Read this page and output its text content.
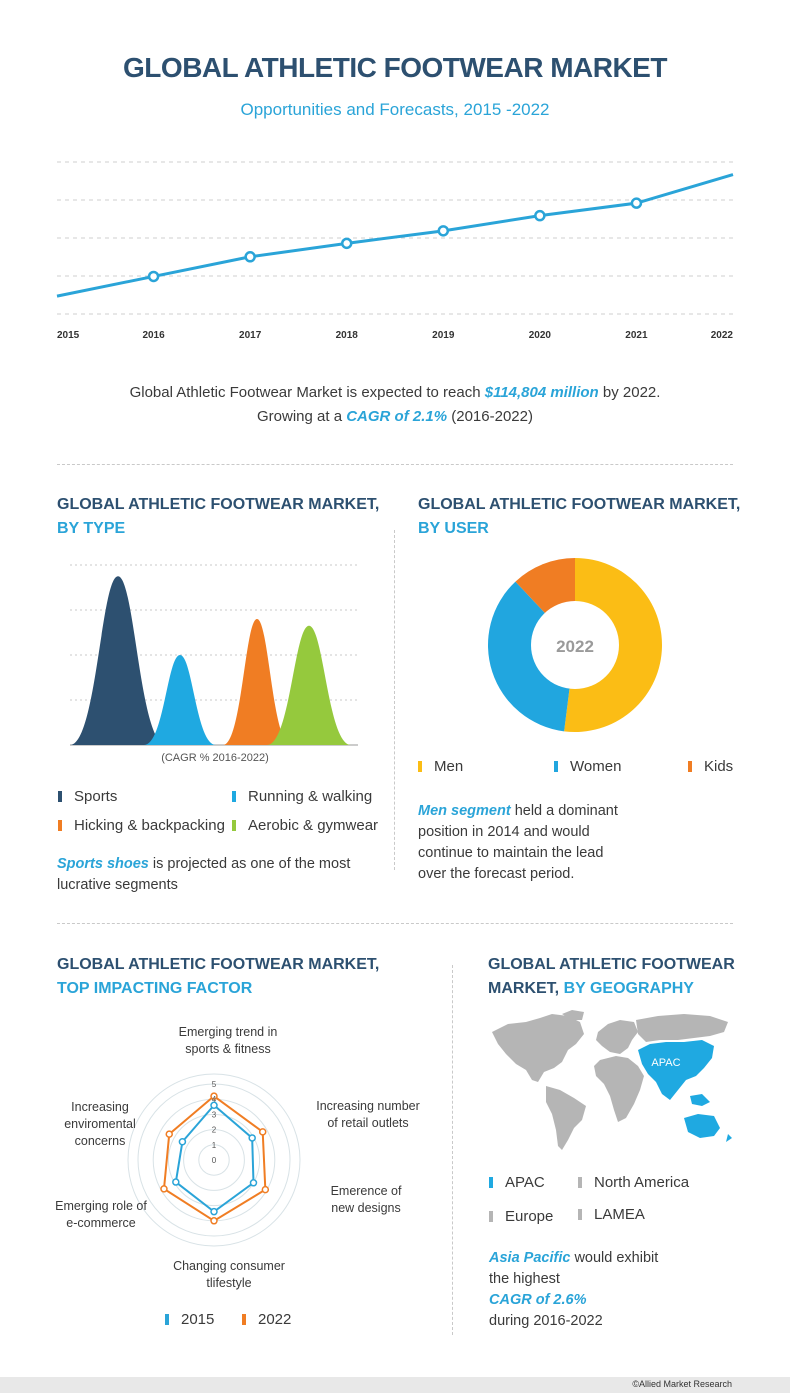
GLOBAL ATHLETIC FOOTWEAR MARKET
Opportunities and Forecasts, 2015 -2022
2015	2016	2017	2018	2019	2020	2021	2022
Global Athletic Footwear Market is expected to reach $114,804 million by 2022.
Growing at a CAGR of 2.1% (2016-2022)
GLOBAL ATHLETIC FOOTWEAR MARKET,
BY TYPE
(CAGR % 2016-2022)
Sports	Running & walking
Hicking & backpacking Aerobic & gymwear
Sports shoes is projected as one of the most lucrative segments
GLOBAL ATHLETIC FOOTWEAR MARKET,
BY USER
2022
Men	Women	Kids
Men segment held a dominant position in 2014 and would continue to maintain the lead over the forecast period.
GLOBAL ATHLETIC FOOTWEAR MARKET,
TOP IMPACTING FACTOR
0
1
2
3
4
5
Emerging trend in
sports & fitness
Increasing number
of retail outlets
Emerence of
new designs
Changing consumer
tlifestyle
Emerging role of
e-commerce
Increasing
enviromental
concerns
2015	2022
GLOBAL ATHLETIC FOOTWEAR
MARKET, BY GEOGRAPHY
APAC
APAC	North America
Europe	LAMEA
Asia Pacific would exhibit the highest
CAGR of 2.6%
during 2016-2022
©Allied Market Research
